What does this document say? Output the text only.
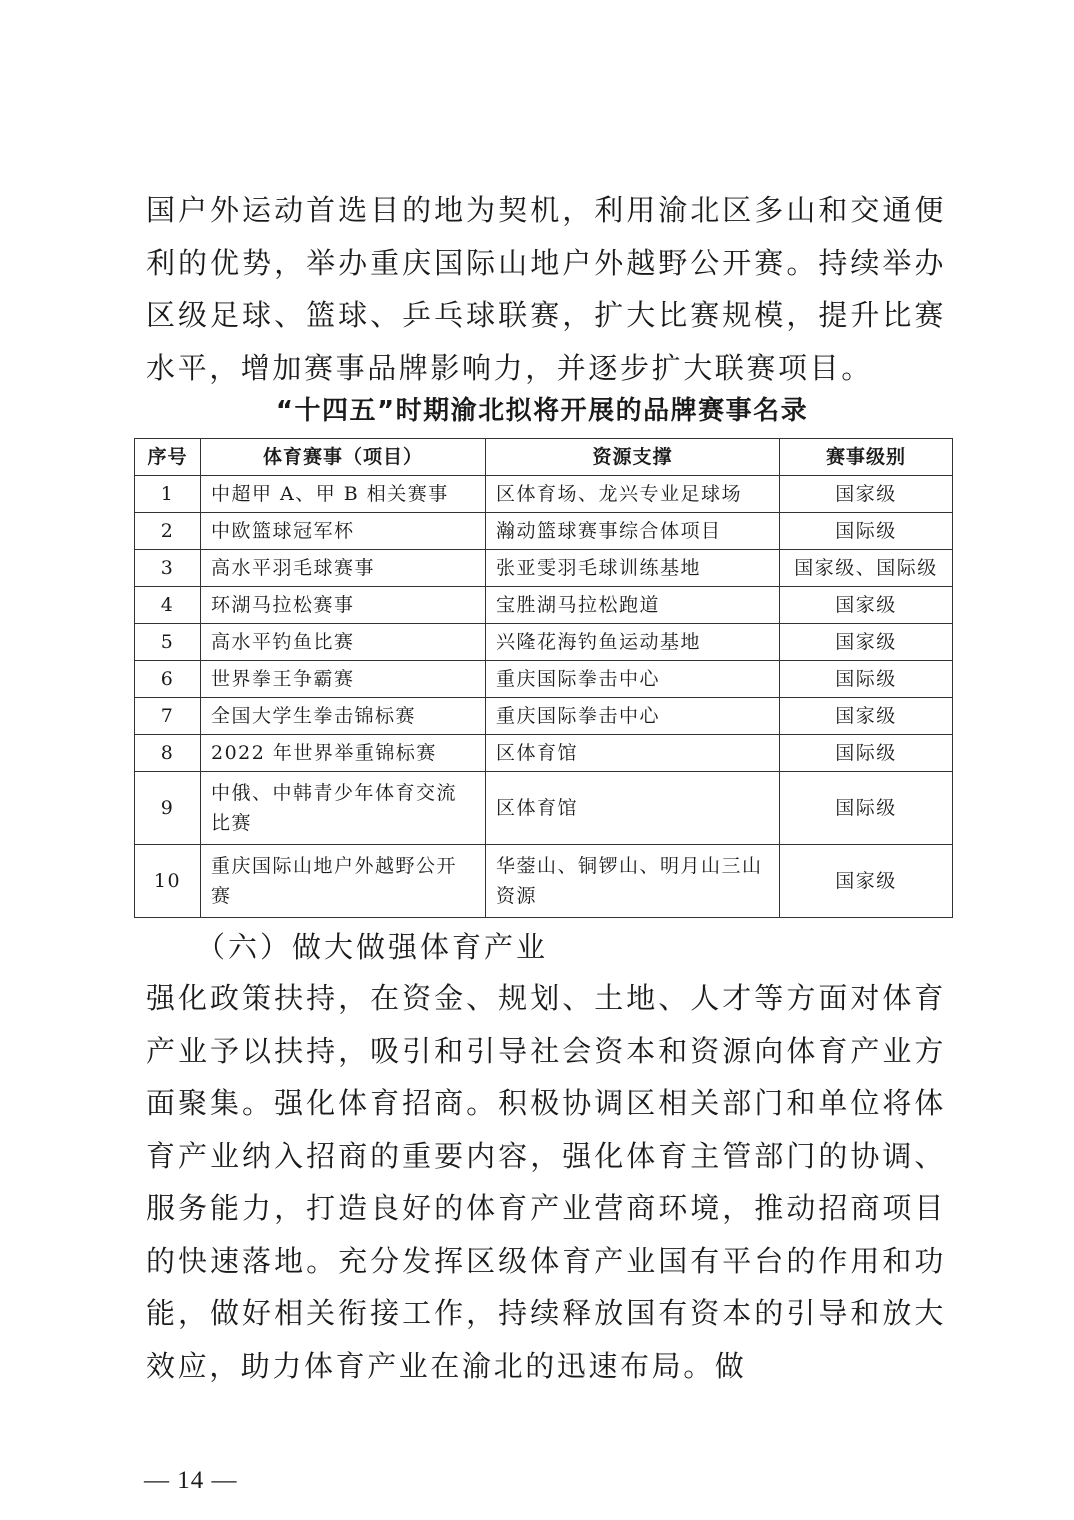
国户外运动首选目的地为契机，利用渝北区多山和交通便利的优势，举办重庆国际山地户外越野公开赛。持续举办区级足球、篮球、乒乓球联赛，扩大比赛规模，提升比赛水平，增加赛事品牌影响力，并逐步扩大联赛项目。

“十四五”时期渝北拟将开展的品牌赛事名录

序号	体育赛事（项目）	资源支撑	赛事级别
1	中超甲 A、甲 B 相关赛事	区体育场、龙兴专业足球场	国家级
2	中欧篮球冠军杯	瀚动篮球赛事综合体项目	国际级
3	高水平羽毛球赛事	张亚雯羽毛球训练基地	国家级、国际级
4	环湖马拉松赛事	宝胜湖马拉松跑道	国家级
5	高水平钓鱼比赛	兴隆花海钓鱼运动基地	国家级
6	世界拳王争霸赛	重庆国际拳击中心	国际级
7	全国大学生拳击锦标赛	重庆国际拳击中心	国家级
8	2022 年世界举重锦标赛	区体育馆	国际级
9	中俄、中韩青少年体育交流比赛	区体育馆	国际级
10	重庆国际山地户外越野公开赛	华蓥山、铜锣山、明月山三山资源	国家级

（六）做大做强体育产业

强化政策扶持，在资金、规划、土地、人才等方面对体育产业予以扶持，吸引和引导社会资本和资源向体育产业方面聚集。强化体育招商。积极协调区相关部门和单位将体育产业纳入招商的重要内容，强化体育主管部门的协调、服务能力，打造良好的体育产业营商环境，推动招商项目的快速落地。充分发挥区级体育产业国有平台的作用和功能，做好相关衔接工作，持续释放国有资本的引导和放大效应，助力体育产业在渝北的迅速布局。做

— 14 —
